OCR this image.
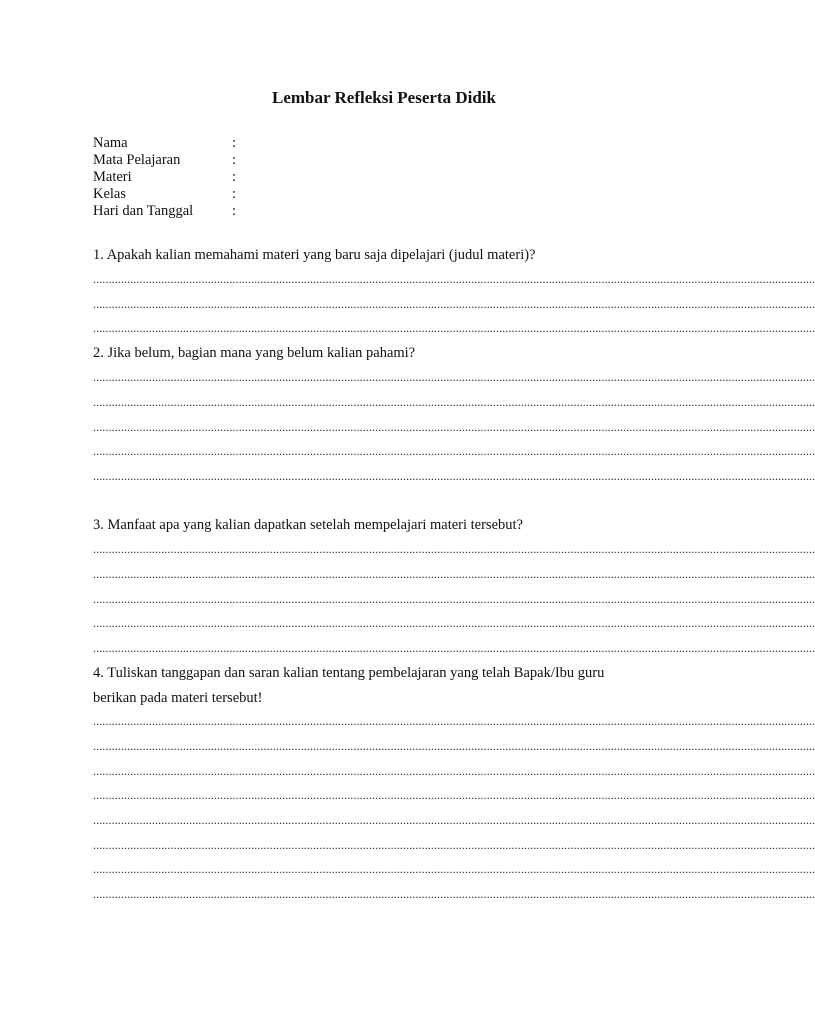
Lembar Refleksi Peserta Didik
Nama	:
Mata Pelajaran	:
Materi	:
Kelas	:
Hari dan Tanggal	:
1. Apakah kalian memahami materi yang baru saja dipelajari (judul materi)?
.........................................................................................................................................................................................................................................
.........................................................................................................................................................................................................................................
.........................................................................................................................................................................................................................................
2. Jika belum, bagian mana yang belum kalian pahami?
.........................................................................................................................................................................................................................................
.........................................................................................................................................................................................................................................
.........................................................................................................................................................................................................................................
.........................................................................................................................................................................................................................................
.........................................................................................................................................................................................................................................
3. Manfaat apa yang kalian dapatkan setelah mempelajari materi tersebut?
.........................................................................................................................................................................................................................................
.........................................................................................................................................................................................................................................
.........................................................................................................................................................................................................................................
.........................................................................................................................................................................................................................................
.........................................................................................................................................................................................................................................
4. Tuliskan tanggapan dan saran kalian tentang pembelajaran yang telah Bapak/Ibu guru
berikan pada materi tersebut!
.........................................................................................................................................................................................................................................
.........................................................................................................................................................................................................................................
.........................................................................................................................................................................................................................................
.........................................................................................................................................................................................................................................
.........................................................................................................................................................................................................................................
.........................................................................................................................................................................................................................................
.........................................................................................................................................................................................................................................
.........................................................................................................................................................................................................................................
